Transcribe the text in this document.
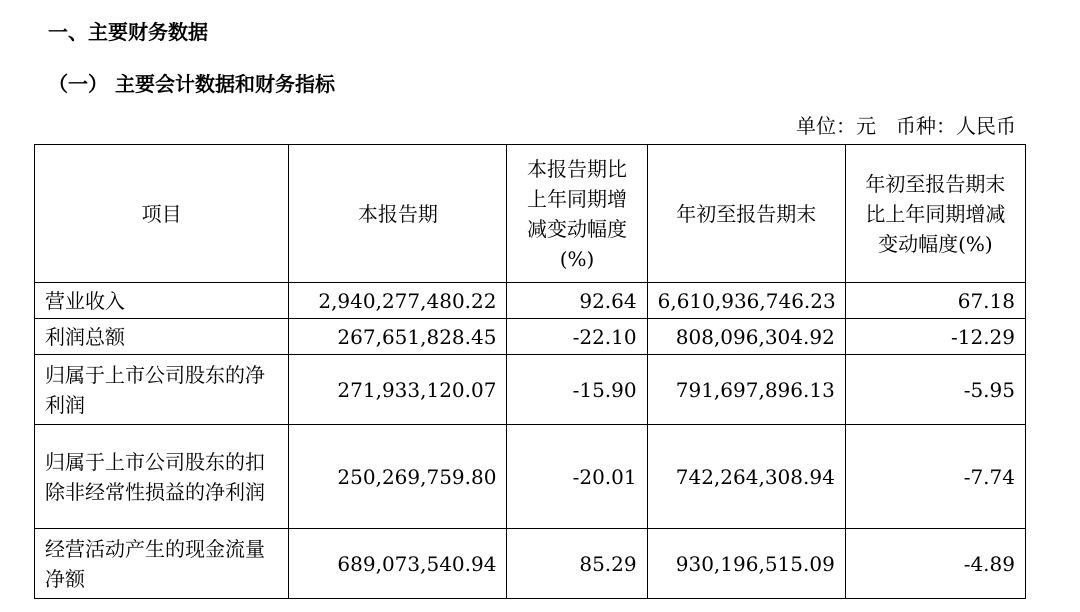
一、主要财务数据
（一） 主要会计数据和财务指标
单位：元　币种：人民币
项目	本报告期	本报告期比上年同期增减变动幅度(%)	年初至报告期末	年初至报告期末比上年同期增减变动幅度(%)
营业收入	2,940,277,480.22	92.64	6,610,936,746.23	67.18
利润总额	267,651,828.45	-22.10	808,096,304.92	-12.29
归属于上市公司股东的净利润	271,933,120.07	-15.90	791,697,896.13	-5.95
归属于上市公司股东的扣除非经常性损益的净利润	250,269,759.80	-20.01	742,264,308.94	-7.74
经营活动产生的现金流量净额	689,073,540.94	85.29	930,196,515.09	-4.89
